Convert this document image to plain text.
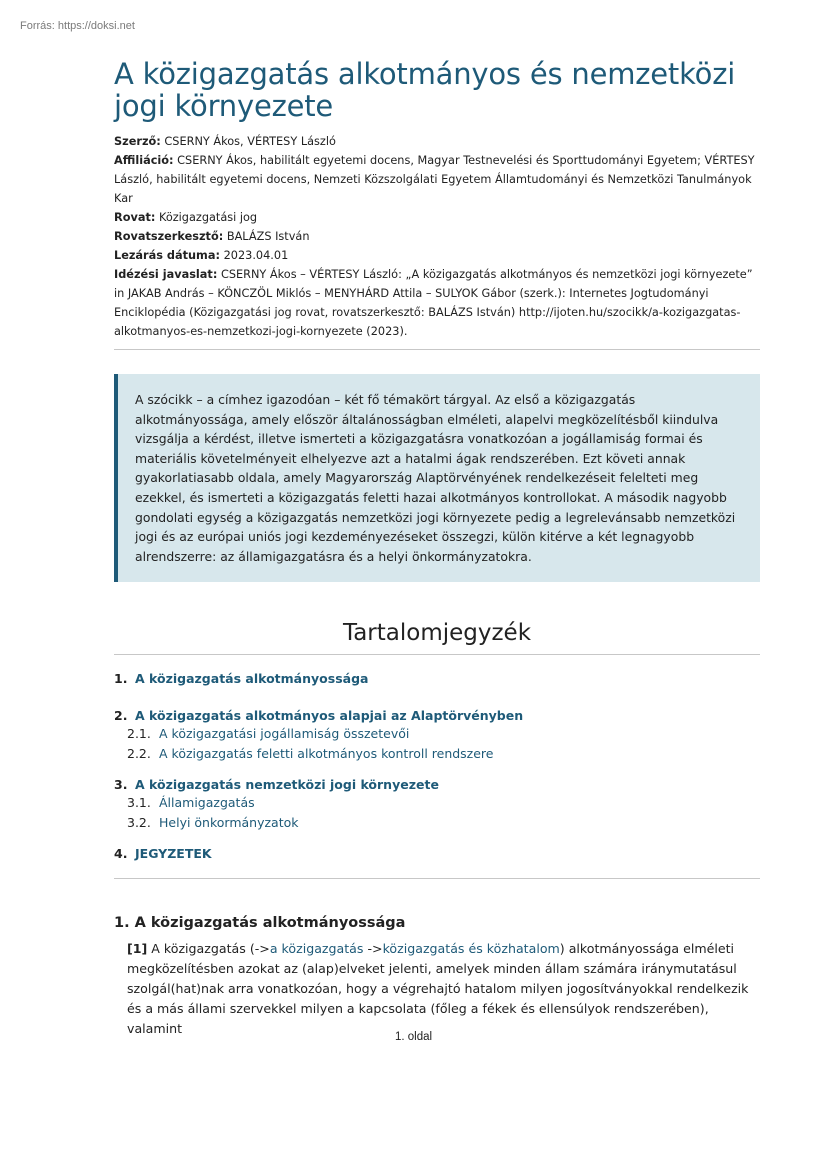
Forrás: https://doksi.net
A közigazgatás alkotmányos és nemzetközi jogi környezete
Szerző: CSERNY Ákos, VÉRTESY László
Affiliáció: CSERNY Ákos, habilitált egyetemi docens, Magyar Testnevelési és Sporttudományi Egyetem; VÉRTESY László, habilitált egyetemi docens, Nemzeti Közszolgálati Egyetem Államtudományi és Nemzetközi Tanulmányok Kar
Rovat: Közigazgatási jog
Rovatszerkesztő: BALÁZS István
Lezárás dátuma: 2023.04.01
Idézési javaslat: CSERNY Ákos – VÉRTESY László: „A közigazgatás alkotmányos és nemzetközi jogi környezete” in JAKAB András – KÖNCZÖL Miklós – MENYHÁRD Attila – SULYOK Gábor (szerk.): Internetes Jogtudományi Enciklopédia (Közigazgatási jog rovat, rovatszerkesztő: BALÁZS István) http://ijoten.hu/szocikk/a-kozigazgatas-alkotmanyos-es-nemzetkozi-jogi-kornyezete (2023).
A szócikk – a címhez igazodóan – két fő témakört tárgyal. Az első a közigazgatás alkotmányossága, amely először általánosságban elméleti, alapelvi megközelítésből kiindulva vizsgálja a kérdést, illetve ismerteti a közigazgatásra vonatkozóan a jogállamiság formai és materiális követelményeit elhelyezve azt a hatalmi ágak rendszerében. Ezt követi annak gyakorlatiasabb oldala, amely Magyarország Alaptörvényének rendelkezéseit felelteti meg ezekkel, és ismerteti a közigazgatás feletti hazai alkotmányos kontrollokat. A második nagyobb gondolati egység a közigazgatás nemzetközi jogi környezete pedig a legrelevánsabb nemzetközi jogi és az európai uniós jogi kezdeményezéseket összegzi, külön kitérve a két legnagyobb alrendszerre: az államigazgatásra és a helyi önkormányzatokra.
Tartalomjegyzék
1. A közigazgatás alkotmányossága
2. A közigazgatás alkotmányos alapjai az Alaptörvényben
2.1. A közigazgatási jogállamiság összetevői
2.2. A közigazgatás feletti alkotmányos kontroll rendszere
3. A közigazgatás nemzetközi jogi környezete
3.1. Államigazgatás
3.2. Helyi önkormányzatok
4. JEGYZETEK
1. A közigazgatás alkotmányossága
[1] A közigazgatás (->a közigazgatás ->közigazgatás és közhatalom) alkotmányossága elméleti megközelítésben azokat az (alap)elveket jelenti, amelyek minden állam számára iránymutatásul szolgál(hat)nak arra vonatkozóan, hogy a végrehajtó hatalom milyen jogosítványokkal rendelkezik és a más állami szervekkel milyen a kapcsolata (főleg a fékek és ellensúlyok rendszerében), valamint
1. oldal
